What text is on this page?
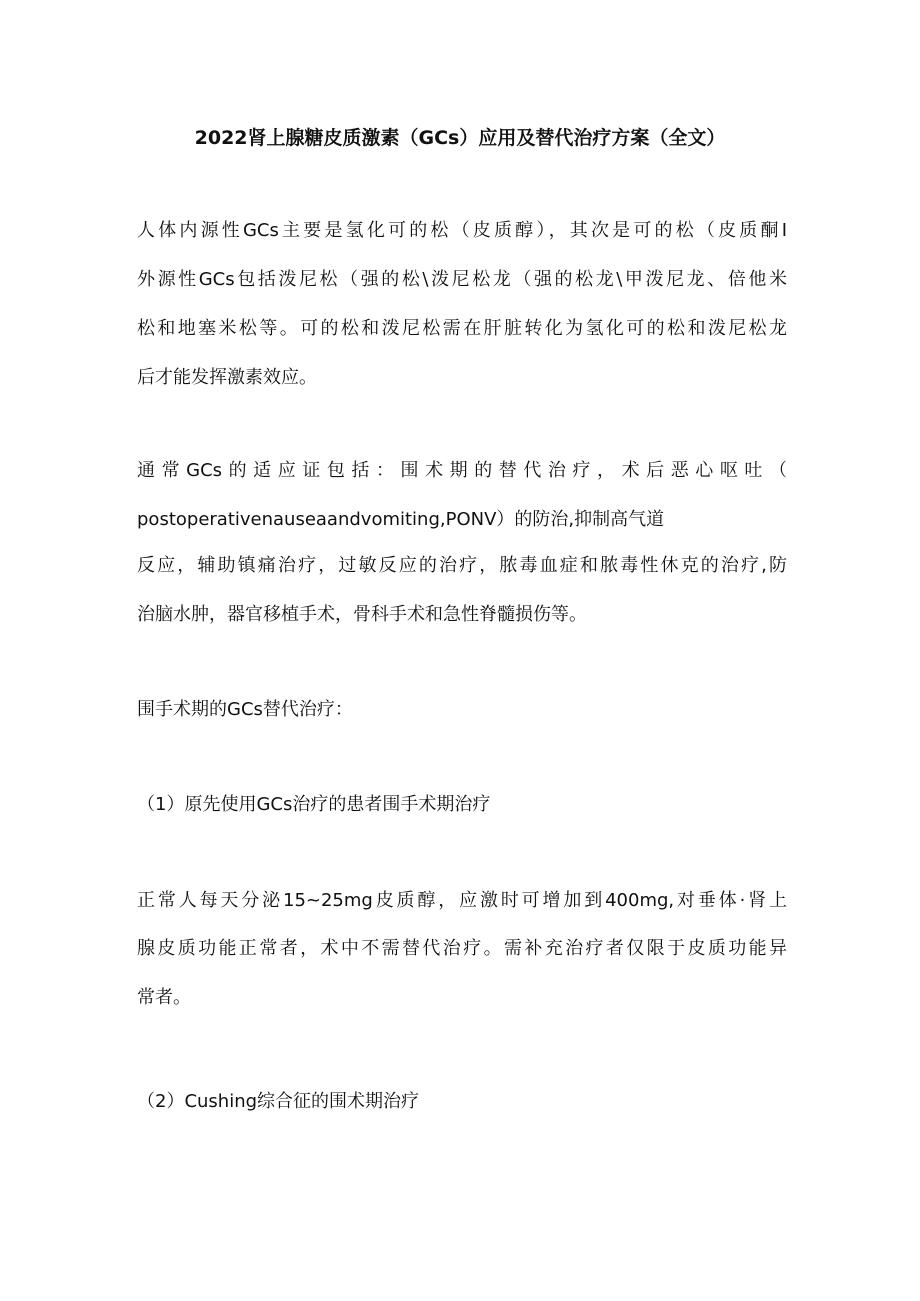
2022肾上腺糖皮质激素（GCs）应用及替代治疗方案（全文）
人体内源性GCs主要是氢化可的松（皮质醇），其次是可的松（皮质酮I
外源性GCs包括泼尼松（强的松\泼尼松龙（强的松龙\甲泼尼龙、倍他米
松和地塞米松等。可的松和泼尼松需在肝脏转化为氢化可的松和泼尼松龙
后才能发挥激素效应。
通常GCs的适应证包括：围术期的替代治疗，术后恶心呕吐（
postoperativenauseaandvomiting,PONV）的防治,抑制高气道
反应，辅助镇痛治疗，过敏反应的治疗，脓毒血症和脓毒性休克的治疗,防
治脑水肿，器官移植手术，骨科手术和急性脊髓损伤等。
围手术期的GCs替代治疗：
（1）原先使用GCs治疗的患者围手术期治疗
正常人每天分泌15~25mg皮质醇，应激时可增加到400mg,对垂体·肾上
腺皮质功能正常者，术中不需替代治疗。需补充治疗者仅限于皮质功能异
常者。
（2）Cushing综合征的围术期治疗
